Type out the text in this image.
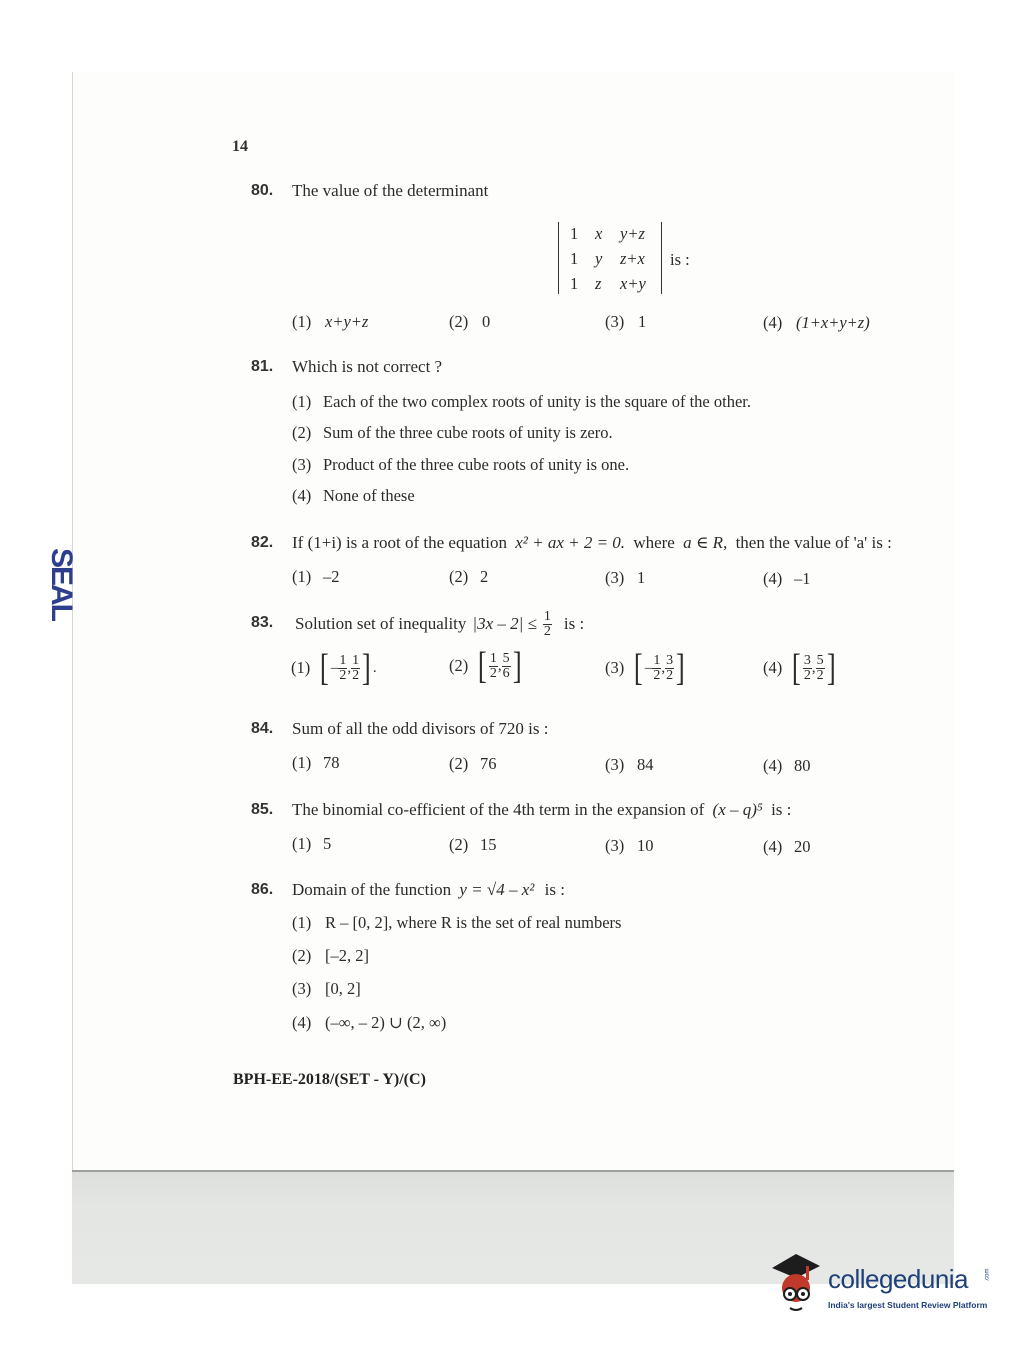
SEAL
14
80. The value of the determinant
1 x y+z
1 y z+x
1 z x+y
is :
(1) x+y+z	(2) 0	(3) 1	(4) (1+x+y+z)
81. Which is not correct ?
(1) Each of the two complex roots of unity is the square of the other.
(2) Sum of the three cube roots of unity is zero.
(3) Product of the three cube roots of unity is one.
(4) None of these
82. If (1+i) is a root of the equation x² + ax + 2 = 0. where a ∈ R, then the value of 'a' is :
(1) –2	(2) 2	(3) 1	(4) –1
83. Solution set of inequality $|3x - 2| \le \frac{1}{2}$ is :
(1) [ – $\frac{1}{2}$ , $\frac{1}{2}$ ] .	(2) [ $\frac{1}{2}$ , $\frac{5}{6}$ ]	(3) [ – $\frac{1}{2}$ , $\frac{3}{2}$ ]	(4) [ $\frac{3}{2}$ , $\frac{5}{2}$ ]
84. Sum of all the odd divisors of 720 is :
(1) 78	(2) 76	(3) 84	(4) 80
85. The binomial co-efficient of the 4th term in the expansion of (x – q)⁵ is :
(1) 5	(2) 15	(3) 10	(4) 20
86. Domain of the function y = √4 – x² is :
(1) R – [0, 2], where R is the set of real numbers
(2) [–2, 2]
(3) [0, 2]
(4) (–∞, – 2) ∪ (2, ∞)
BPH-EE-2018/(SET - Y)/(C)
collegedunia	.com
India's largest Student Review Platform
